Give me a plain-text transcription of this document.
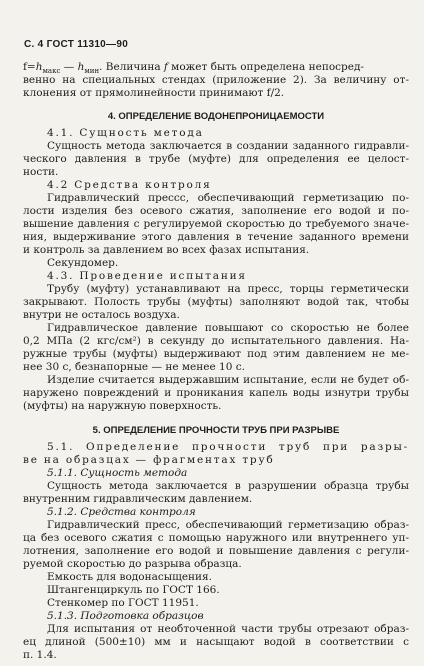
С. 4 ГОСТ 11310—90
$f=h_{макс}$ — $h_{мин}$. Величина f может быть определена непосред-
венно на специальных стендах (приложение 2). За величину от-
клонения от прямолинейности принимают f/2.
4. ОПРЕДЕЛЕНИЕ ВОДОНЕПРОНИЦАЕМОСТИ
4.1. Сущность метода
Сущность метода заключается в создании заданного гидравли-
ческого давления в трубе (муфте) для определения ее целост-
ности.
4.2 Средства контроля
Гидравлический прессс, обеспечивающий герметизацию по-
лости изделия без осевого сжатия, заполнение его водой и по-
вышение давления с регулируемой скоростью до требуемого значе-
ния, выдерживание этого давления в течение заданного времени
и контроль за давлением во всех фазах испытания.
Секундомер.
4.3. Проведение испытания
Трубу (муфту) устанавливают на пресс, торцы герметически
закрывают. Полость трубы (муфты) заполняют водой так, чтобы
внутри не осталось воздуха.
Гидравлическое давление повышают со скоростью не более
0,2 МПа (2 кгс/см²) в секунду до испытательного давления. На-
ружные трубы (муфты) выдерживают под этим давлением не ме-
нее 30 с, безнапорные — не менее 10 с.
Изделие считается выдержавшим испытание, если не будет об-
наружено повреждений и проникания капель воды изнутри трубы
(муфты) на наружную поверхность.
5. ОПРЕДЕЛЕНИЕ ПРОЧНОСТИ ТРУБ ПРИ РАЗРЫВЕ
5.1. Определение прочности труб при разры-
ве на образцах — фрагментах труб
5.1.1. Сущность метода
Сущность метода заключается в разрушении образца трубы
внутренним гидравлическим давлением.
5.1.2. Средства контроля
Гидравлический пресс, обеспечивающий герметизацию образ-
ца без осевого сжатия с помощью наружного или внутреннего уп-
лотнения, заполнение его водой и повышение давления с регули-
руемой скоростью до разрыва образца.
Емкость для водонасыщения.
Штангенциркуль по ГОСТ 166.
Стенкомер по ГОСТ 11951.
5.1.3. Подготовка образцов
Для испытания от необточенной части трубы отрезают образ-
ец длиной (500±10) мм и насыщают водой в соответствии с
п. 1.4.
